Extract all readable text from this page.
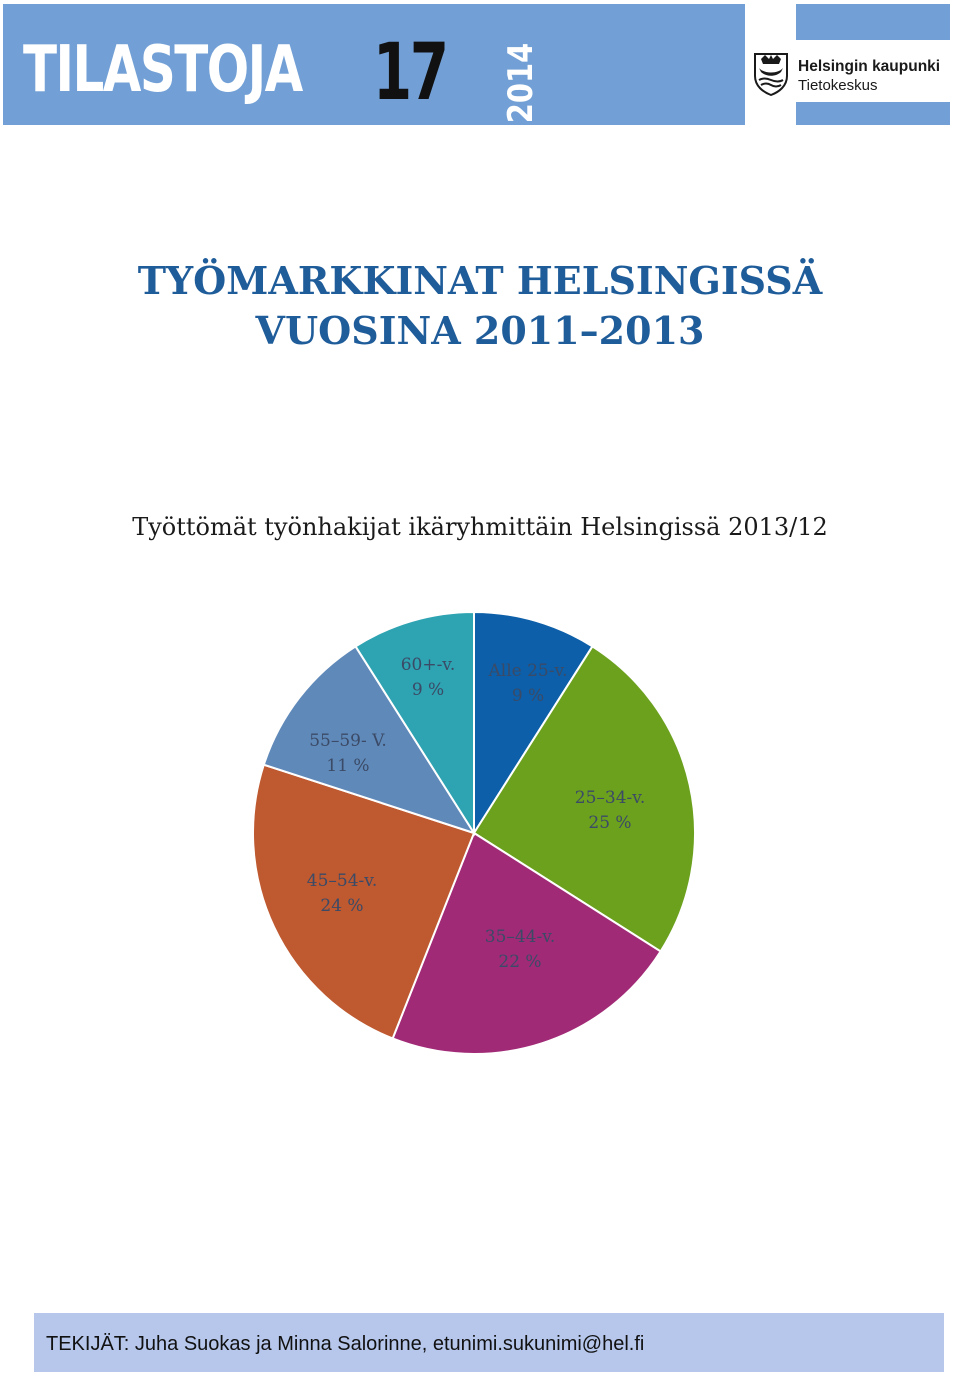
TILASTOJA 17 2014	Helsingin kaupunki
Tietokeskus
TYÖMARKKINAT HELSINGISSÄ
VUOSINA 2011–2013
Työttömät työnhakijat ikäryhmittäin Helsingissä 2013/12
Alle 25-v.
9 %
25–34-v.
25 %
35–44-v.
22 %
45–54-v.
24 %
55–59- V.
11 %
60+-v.
9 %
TEKIJÄT: Juha Suokas ja Minna Salorinne, etunimi.sukunimi@hel.fi
